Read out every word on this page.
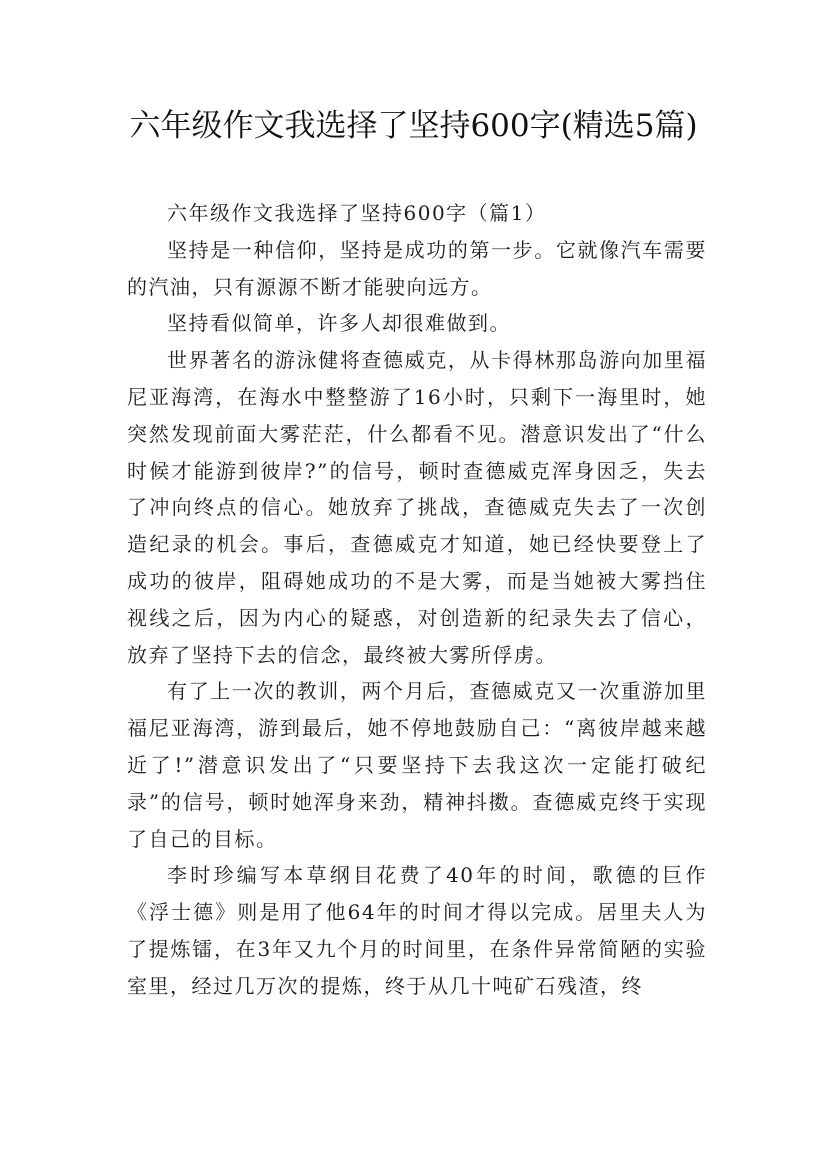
六年级作文我选择了坚持600字(精选5篇)

六年级作文我选择了坚持600字（篇1）

坚持是一种信仰，坚持是成功的第一步。它就像汽车需要的汽油，只有源源不断才能驶向远方。

坚持看似简单，许多人却很难做到。

世界著名的游泳健将查德威克，从卡得林那岛游向加里福尼亚海湾，在海水中整整游了16小时，只剩下一海里时，她突然发现前面大雾茫茫，什么都看不见。潜意识发出了“什么时候才能游到彼岸?”的信号，顿时查德威克浑身因乏，失去了冲向终点的信心。她放弃了挑战，查德威克失去了一次创造纪录的机会。事后，查德威克才知道，她已经快要登上了成功的彼岸，阻碍她成功的不是大雾，而是当她被大雾挡住视线之后，因为内心的疑惑，对创造新的纪录失去了信心，放弃了坚持下去的信念，最终被大雾所俘虏。

有了上一次的教训，两个月后，查德威克又一次重游加里福尼亚海湾，游到最后，她不停地鼓励自己：“离彼岸越来越近了!”潜意识发出了“只要坚持下去我这次一定能打破纪录”的信号，顿时她浑身来劲，精神抖擞。查德威克终于实现了自己的目标。

李时珍编写本草纲目花费了40年的时间，歌德的巨作《浮士德》则是用了他64年的时间才得以完成。居里夫人为了提炼镭，在3年又九个月的时间里，在条件异常简陋的实验室里，经过几万次的提炼，终于从几十吨矿石残渣，终
